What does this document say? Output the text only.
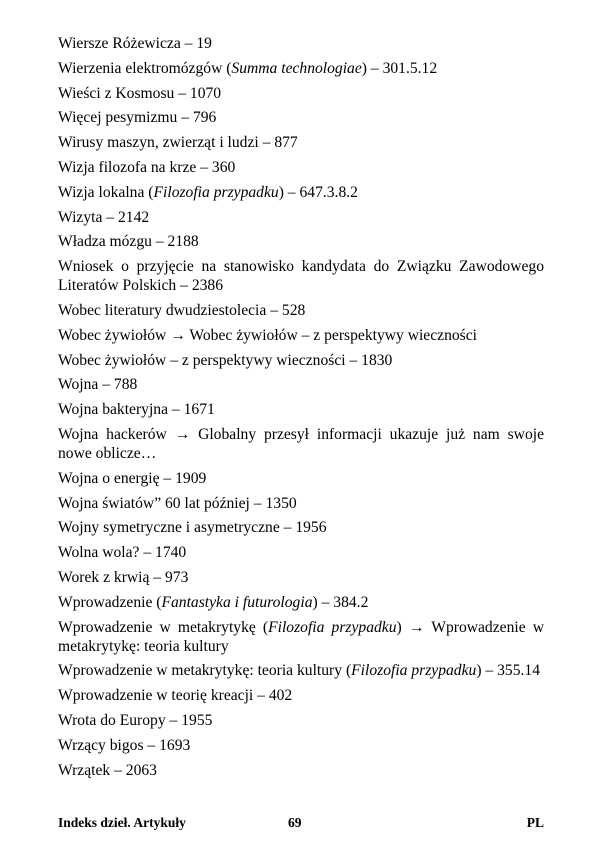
Wiersze Różewicza – 19

Wierzenia elektromózgów (Summa technologiae) – 301.5.12

Wieści z Kosmosu – 1070

Więcej pesymizmu – 796

Wirusy maszyn, zwierząt i ludzi – 877

Wizja filozofa na krze – 360

Wizja lokalna (Filozofia przypadku) – 647.3.8.2

Wizyta – 2142

Władza mózgu – 2188

Wniosek o przyjęcie na stanowisko kandydata do Związku Zawodowego Literatów Polskich – 2386

Wobec literatury dwudziestolecia – 528

Wobec żywiołów → Wobec żywiołów – z perspektywy wieczności

Wobec żywiołów – z perspektywy wieczności – 1830

Wojna – 788

Wojna bakteryjna – 1671

Wojna hackerów → Globalny przesył informacji ukazuje już nam swoje nowe oblicze…

Wojna o energię – 1909

Wojna światów” 60 lat później – 1350

Wojny symetryczne i asymetryczne – 1956

Wolna wola? – 1740

Worek z krwią – 973

Wprowadzenie (Fantastyka i futurologia) – 384.2

Wprowadzenie w metakrytykę (Filozofia przypadku) → Wprowadzenie w metakrytykę: teoria kultury

Wprowadzenie w metakrytykę: teoria kultury (Filozofia przypadku) – 355.14

Wprowadzenie w teorię kreacji – 402

Wrota do Europy – 1955

Wrzący bigos – 1693

Wrzątek – 2063

Indeks dzieł. Artykuły	69	PL
